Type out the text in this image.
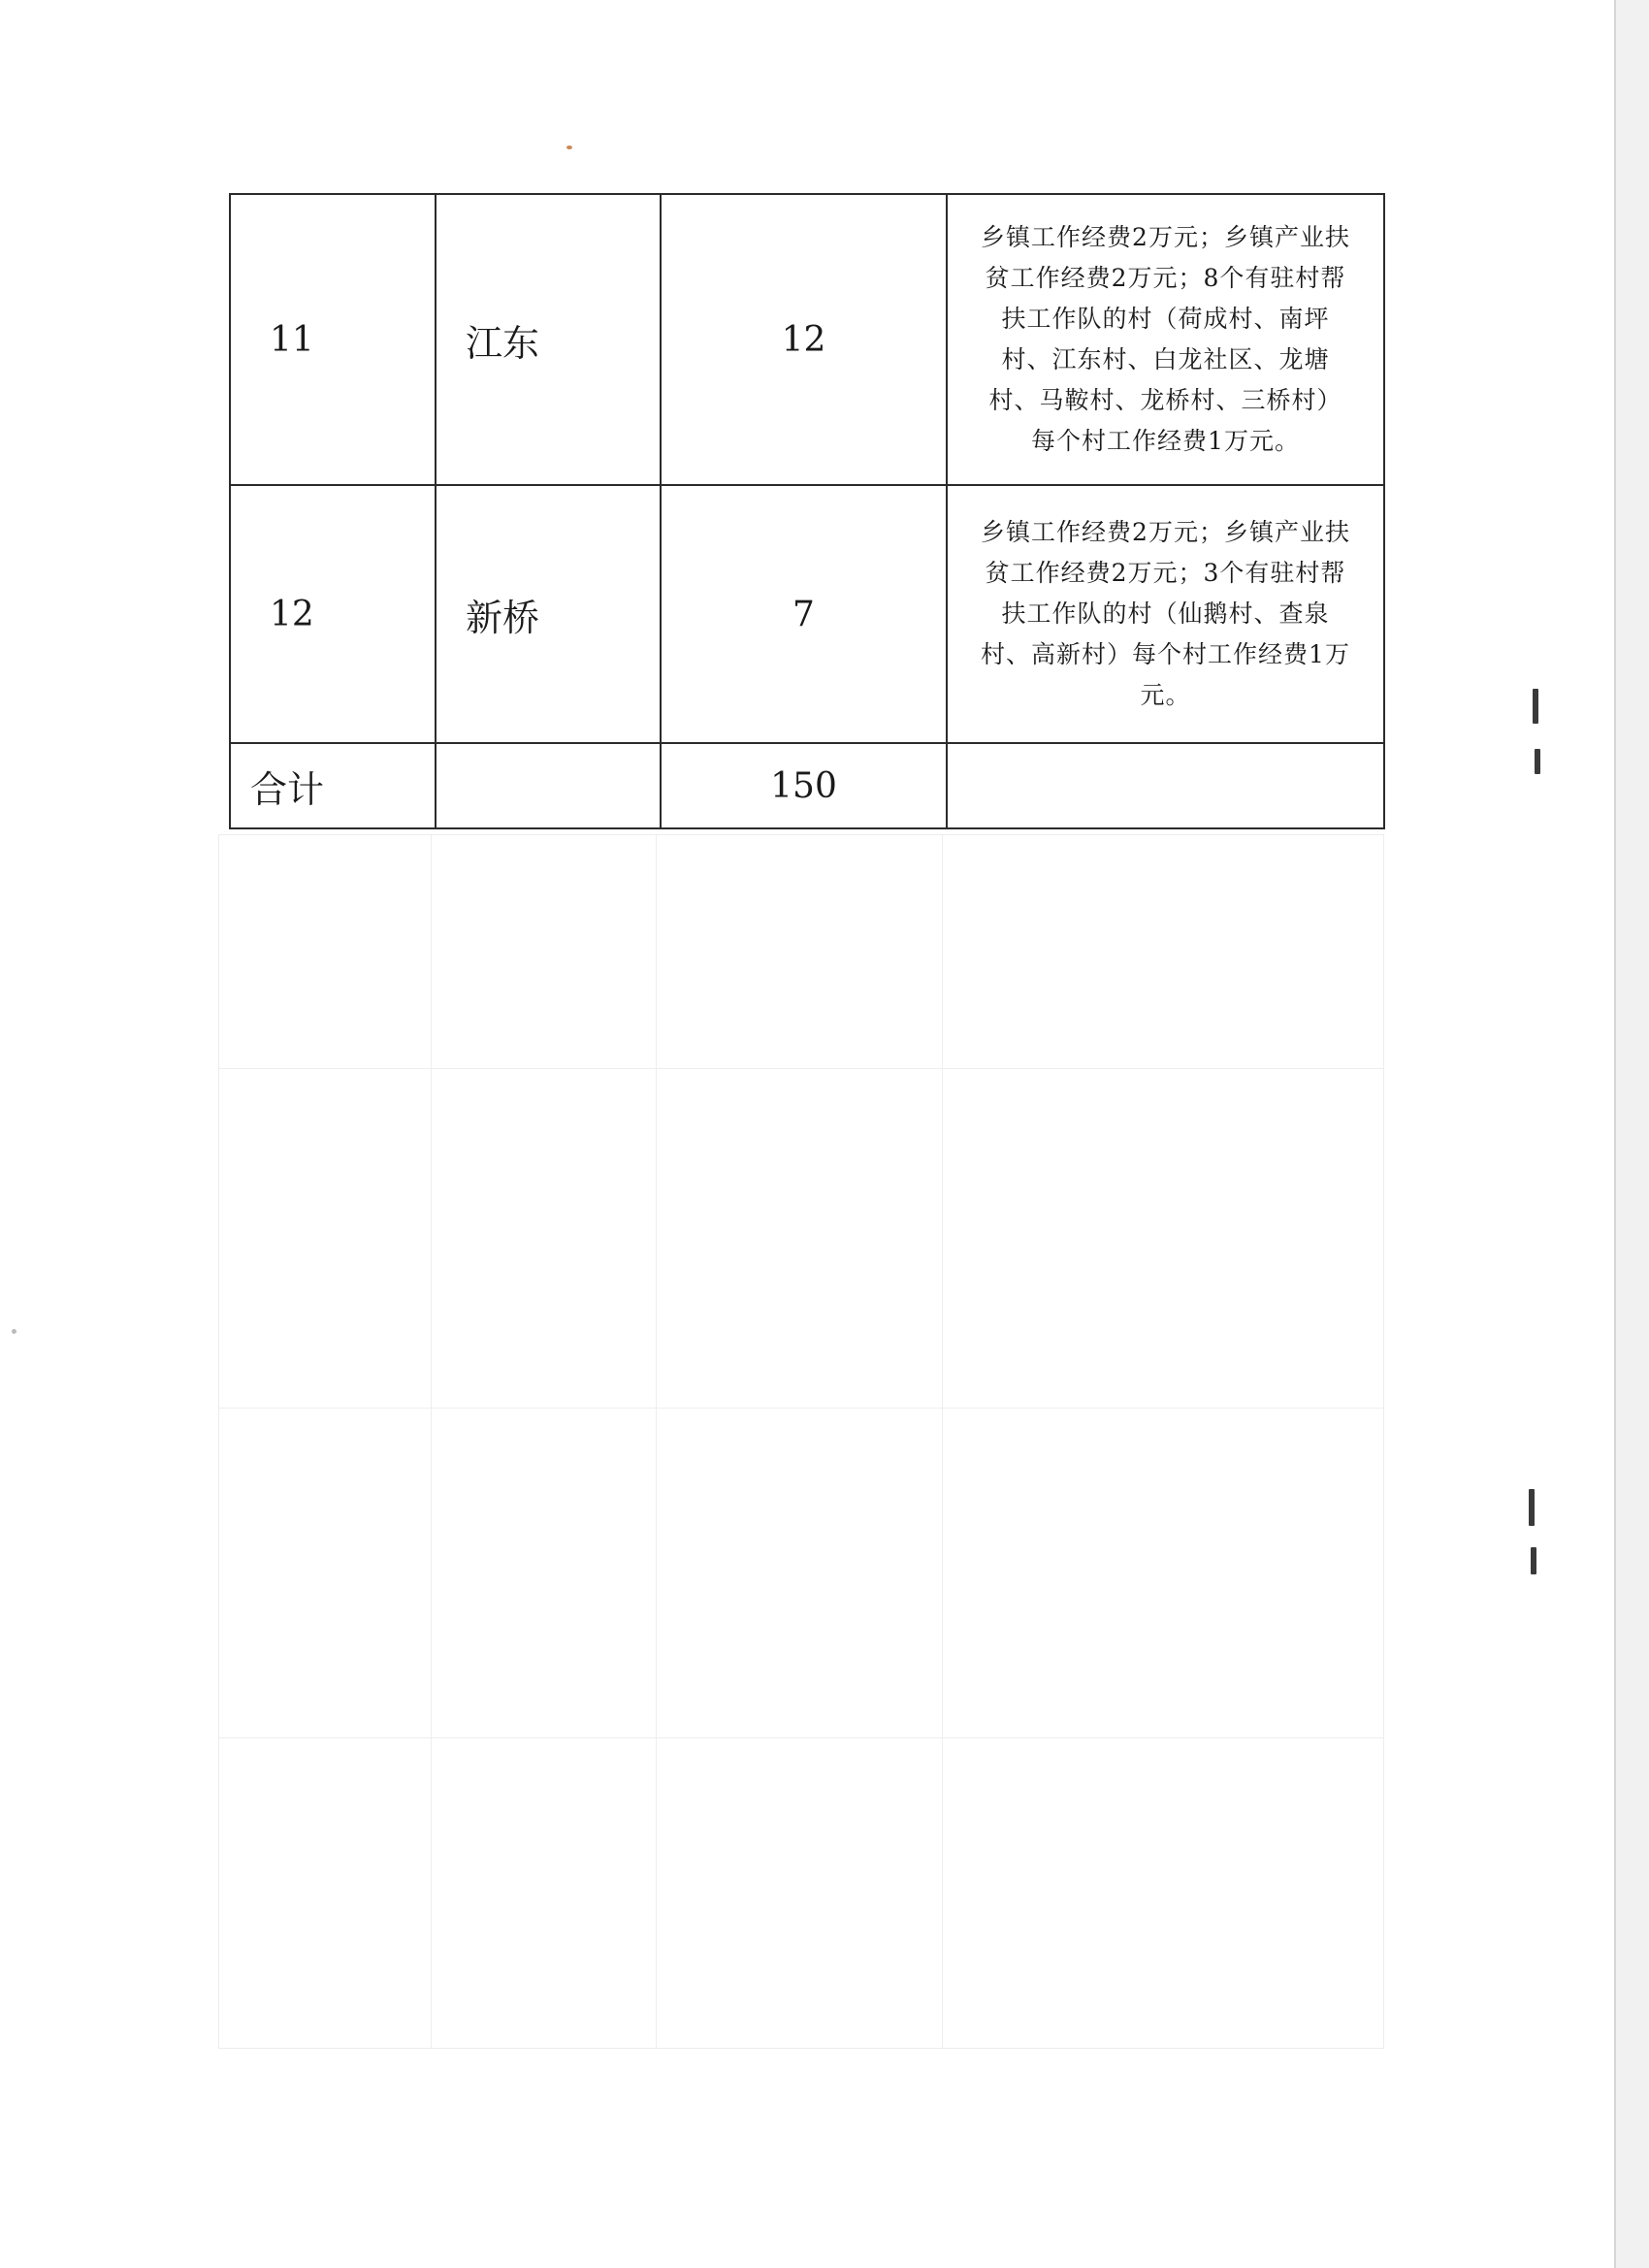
11	江东	12	乡镇工作经费2万元；乡镇产业扶贫工作经费2万元；8个有驻村帮扶工作队的村（荷成村、南坪村、江东村、白龙社区、龙塘村、马鞍村、龙桥村、三桥村）每个村工作经费1万元。
12	新桥	7	乡镇工作经费2万元；乡镇产业扶贫工作经费2万元；3个有驻村帮扶工作队的村（仙鹅村、查泉村、高新村）每个村工作经费1万元。
合计		150	
